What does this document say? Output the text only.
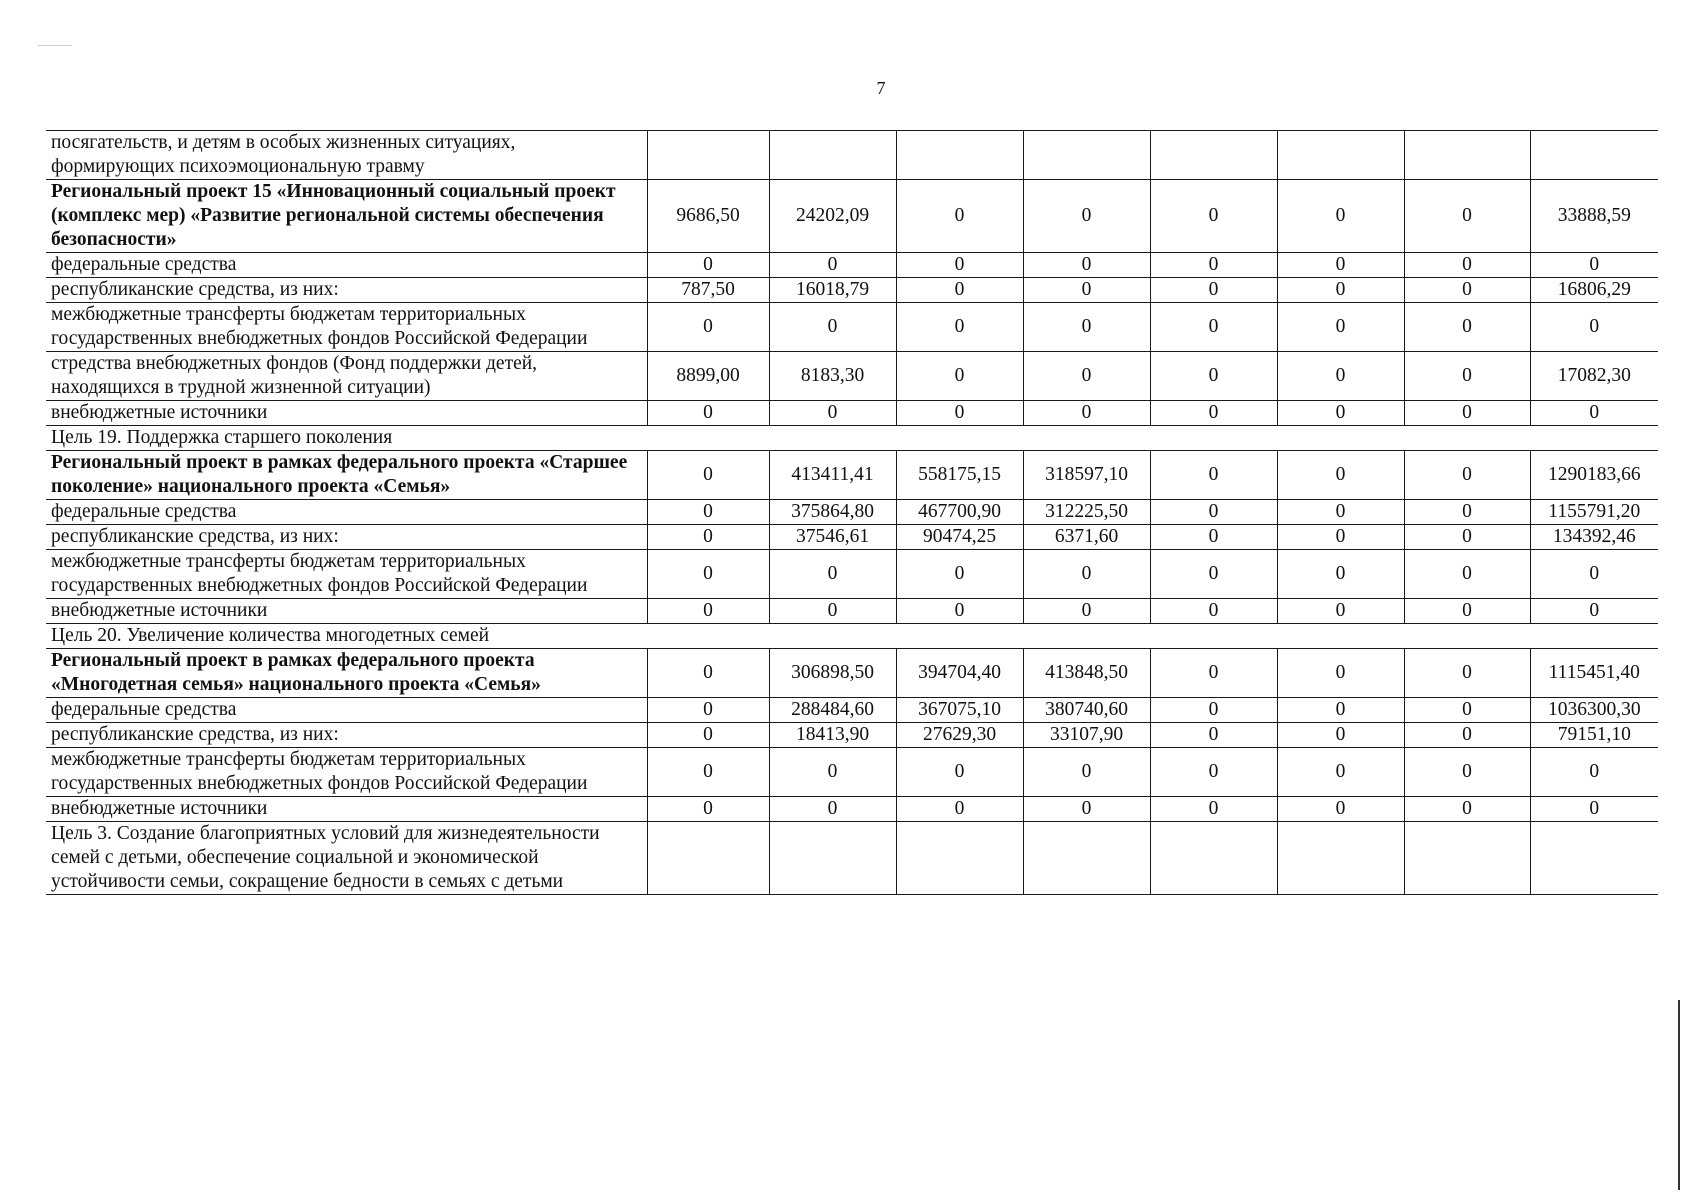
7
посягательств, и детям в особых жизненных ситуациях, формирующих психоэмоциональную травму								
Региональный проект 15 «Инновационный социальный проект (комплекс мер) «Развитие региональной системы обеспечения безопасности»	9686,50	24202,09	0	0	0	0	0	33888,59
федеральные средства	0	0	0	0	0	0	0	0
республиканские средства, из них:	787,50	16018,79	0	0	0	0	0	16806,29
межбюджетные трансферты бюджетам территориальных государственных внебюджетных фондов Российской Федерации	0	0	0	0	0	0	0	0
стредства внебюджетных фондов (Фонд поддержки детей, находящихся в трудной жизненной ситуации)	8899,00	8183,30	0	0	0	0	0	17082,30
внебюджетные источники	0	0	0	0	0	0	0	0
Цель 19. Поддержка старшего поколения								
Региональный проект в рамках федерального проекта «Старшее поколение» национального проекта «Семья»	0	413411,41	558175,15	318597,10	0	0	0	1290183,66
федеральные средства	0	375864,80	467700,90	312225,50	0	0	0	1155791,20
республиканские средства, из них:	0	37546,61	90474,25	6371,60	0	0	0	134392,46
межбюджетные трансферты бюджетам территориальных государственных внебюджетных фондов Российской Федерации	0	0	0	0	0	0	0	0
внебюджетные источники	0	0	0	0	0	0	0	0
Цель 20. Увеличение количества многодетных семей								
Региональный проект в рамках федерального проекта «Многодетная семья» национального проекта «Семья»	0	306898,50	394704,40	413848,50	0	0	0	1115451,40
федеральные средства	0	288484,60	367075,10	380740,60	0	0	0	1036300,30
республиканские средства, из них:	0	18413,90	27629,30	33107,90	0	0	0	79151,10
межбюджетные трансферты бюджетам территориальных государственных внебюджетных фондов Российской Федерации	0	0	0	0	0	0	0	0
внебюджетные источники	0	0	0	0	0	0	0	0
Цель 3. Создание благоприятных условий для жизнедеятельности семей с детьми, обеспечение социальной и экономической устойчивости семьи, сокращение бедности в семьях с детьми								
